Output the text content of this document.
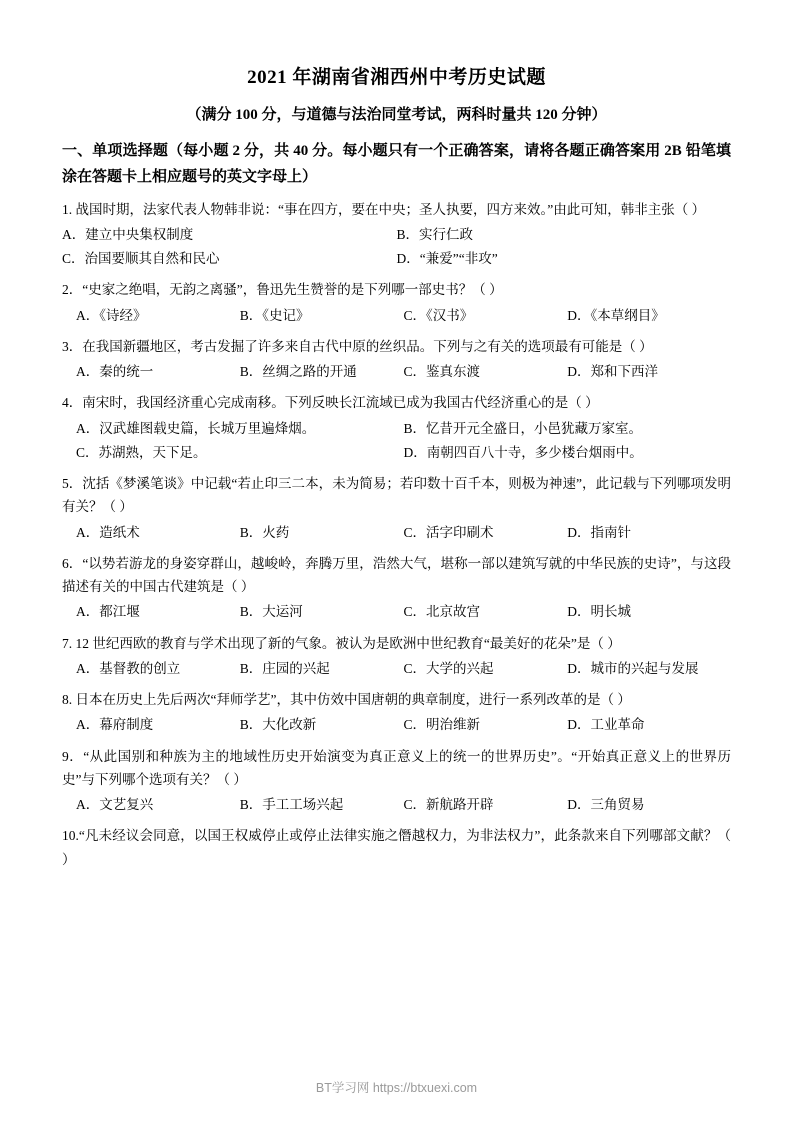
2021 年湖南省湘西州中考历史试题
（满分 100 分，与道德与法治同堂考试，两科时量共 120 分钟）
一、单项选择题（每小题 2 分，共 40 分。每小题只有一个正确答案，请将各题正确答案用 2B 铅笔填涂在答题卡上相应题号的英文字母上）
1. 战国时期，法家代表人物韩非说：“事在四方，要在中央；圣人执要，四方来效。”由此可知，韩非主张（ ）
A．建立中央集权制度	B．实行仁政
C．治国要顺其自然和民心	D．“兼爱”“非攻”
2．“史家之绝唱，无韵之离骚”，鲁迅先生赞誉的是下列哪一部史书？（ ）
A．《诗经》	B．《史记》	C．《汉书》	D．《本草纲目》
3．在我国新疆地区，考古发掘了许多来自古代中原的丝织品。下列与之有关的选项最有可能是（ ）
A．秦的统一	B．丝绸之路的开通	C．鉴真东渡	D．郑和下西洋
4．南宋时，我国经济重心完成南移。下列反映长江流域已成为我国古代经济重心的是（ ）
A．汉武雄图载史篇，长城万里遍烽烟。	B．忆昔开元全盛日，小邑犹藏万家室。
C．苏湖熟，天下足。	D．南朝四百八十寺，多少楼台烟雨中。
5．沈括《梦溪笔谈》中记载“若止印三二本，未为简易；若印数十百千本，则极为神速”，此记载与下列哪项发明有关？（ ）
A．造纸术	B．火药	C．活字印刷术	D．指南针
6．“以势若游龙的身姿穿群山，越峻岭，奔腾万里，浩然大气，堪称一部以建筑写就的中华民族的史诗”，与这段描述有关的中国古代建筑是（ ）
A．都江堰	B．大运河	C．北京故宫	D．明长城
7. 12 世纪西欧的教育与学术出现了新的气象。被认为是欧洲中世纪教育“最美好的花朵”是（ ）
A．基督教的创立	B．庄园的兴起	C．大学的兴起	D．城市的兴起与发展
8. 日本在历史上先后两次“拜师学艺”，其中仿效中国唐朝的典章制度，进行一系列改革的是（ ）
A．幕府制度	B．大化改新	C．明治维新	D．工业革命
9．“从此国别和种族为主的地域性历史开始演变为真正意义上的统一的世界历史”。“开始真正意义上的世界历史”与下列哪个选项有关？（ ）
A．文艺复兴	B．手工工场兴起	C．新航路开辟	D．三角贸易
10.“凡未经议会同意，以国王权威停止或停止法律实施之僭越权力，为非法权力”，此条款来自下列哪部文献？（ ）
BT学习网 https://btxuexi.com
